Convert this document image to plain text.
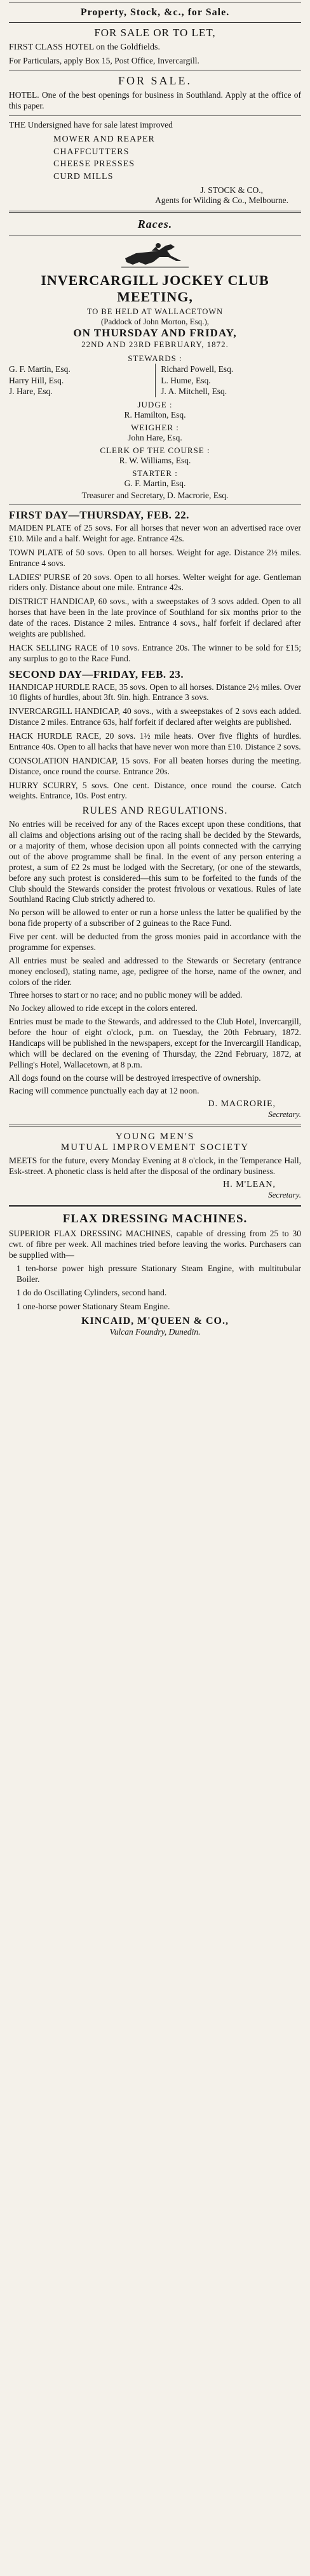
Property, Stock, &c., for Sale.
FOR SALE OR TO LET,

FIRST CLASS HOTEL on the Goldfields.

For Particulars, apply Box 15, Post Office, Invercargill.

FOR SALE.

HOTEL. One of the best openings for business in Southland. Apply at the office of this paper.

THE Undersigned have for sale latest improved

MOWER AND REAPER
CHAFFCUTTERS
CHEESE PRESSES
CURD MILLS
J. STOCK & CO.,
Agents for Wilding & Co., Melbourne.
Races.
INVERCARGILL JOCKEY CLUB MEETING,
TO BE HELD AT WALLACETOWN
(Paddock of John Morton, Esq.),
ON THURSDAY AND FRIDAY,
22ND AND 23RD FEBRUARY, 1872.
STEWARDS :
G. F. Martin, Esq.
Harry Hill, Esq.
J. Hare, Esq.
Richard Powell, Esq.
L. Hume, Esq.
J. A. Mitchell, Esq.
JUDGE :
R. Hamilton, Esq.
WEIGHER :
John Hare, Esq.
CLERK OF THE COURSE :
R. W. Williams, Esq.
STARTER :
G. F. Martin, Esq.
Treasurer and Secretary, D. Macrorie, Esq.
FIRST DAY—THURSDAY, FEB. 22.
MAIDEN PLATE of 25 sovs. For all horses that never won an advertised race over £10. Mile and a half. Weight for age. Entrance 42s.
TOWN PLATE of 50 sovs. Open to all horses. Weight for age. Distance 2½ miles. Entrance 4 sovs.
LADIES' PURSE of 20 sovs. Open to all horses. Welter weight for age. Gentleman riders only. Distance about one mile. Entrance 42s.
DISTRICT HANDICAP, 60 sovs., with a sweepstakes of 3 sovs added. Open to all horses that have been in the late province of Southland for six months prior to the date of the races. Distance 2 miles. Entrance 4 sovs., half forfeit if declared after weights are published.
HACK SELLING RACE of 10 sovs. Entrance 20s. The winner to be sold for £15; any surplus to go to the Race Fund.
SECOND DAY—FRIDAY, FEB. 23.
HANDICAP HURDLE RACE, 35 sovs. Open to all horses. Distance 2½ miles. Over 10 flights of hurdles, about 3ft. 9in. high. Entrance 3 sovs.
INVERCARGILL HANDICAP, 40 sovs., with a sweepstakes of 2 sovs each added. Distance 2 miles. Entrance 63s, half forfeit if declared after weights are published.
HACK HURDLE RACE, 20 sovs. 1½ mile heats. Over five flights of hurdles. Entrance 40s. Open to all hacks that have never won more than £10. Distance 2 sovs.
CONSOLATION HANDICAP, 15 sovs. For all beaten horses during the meeting. Distance, once round the course. Entrance 20s.
HURRY SCURRY, 5 sovs. One cent. Distance, once round the course. Catch weights. Entrance, 10s. Post entry.
RULES AND REGULATIONS.

No entries will be received for any of the Races except upon these conditions, that all claims and objections arising out of the racing shall be decided by the Stewards, or a majority of them, whose decision upon all points connected with the carrying out of the above programme shall be final. In the event of any person entering a protest, a sum of £2 2s must be lodged with the Secretary, (or one of the stewards, before any such protest is considered—this sum to be forfeited to the funds of the Club should the Stewards consider the protest frivolous or vexatious. Rules of late Southland Racing Club strictly adhered to.

No person will be allowed to enter or run a horse unless the latter be qualified by the bona fide property of a subscriber of 2 guineas to the Race Fund.

Five per cent. will be deducted from the gross monies paid in accordance with the programme for expenses.

All entries must be sealed and addressed to the Stewards or Secretary (entrance money enclosed), stating name, age, pedigree of the horse, name of the owner, and colors of the rider.

Three horses to start or no race; and no public money will be added.

No Jockey allowed to ride except in the colors entered.

Entries must be made to the Stewards, and addressed to the Club Hotel, Invercargill, before the hour of eight o'clock, p.m. on Tuesday, the 20th February, 1872. Handicaps will be published in the newspapers, except for the Invercargill Handicap, which will be declared on the evening of Thursday, the 22nd February, 1872, at Pelling's Hotel, Wallacetown, at 8 p.m.

All dogs found on the course will be destroyed irrespective of ownership.

Racing will commence punctually each day at 12 noon.

D. MACRORIE,
Secretary.
YOUNG MEN'S
MUTUAL IMPROVEMENT SOCIETY

MEETS for the future, every Monday Evening at 8 o'clock, in the Temperance Hall, Esk-street. A phonetic class is held after the disposal of the ordinary business.

H. M'LEAN,
Secretary.
FLAX DRESSING MACHINES.

SUPERIOR FLAX DRESSING MACHINES, capable of dressing from 25 to 30 cwt. of fibre per week. All machines tried before leaving the works. Purchasers can be supplied with—

1 ten-horse power high pressure Stationary Steam Engine, with multitubular Boiler.
1 do do Oscillating Cylinders, second hand.
1 one-horse power Stationary Steam Engine.
KINCAID, M'QUEEN & CO.,
Vulcan Foundry, Dunedin.
